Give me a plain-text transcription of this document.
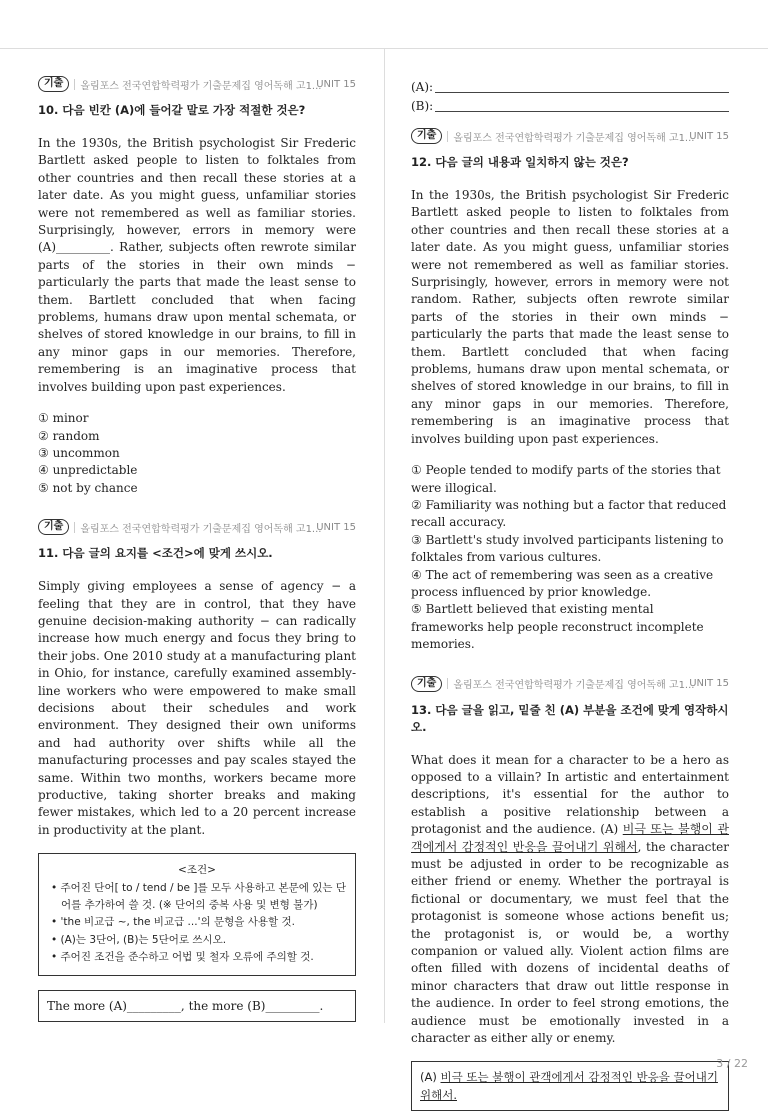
기출	올림포스 전국연합학력평가 기출문제집 영어독해 고1...
UNIT 15

10. 다음 빈칸 (A)에 들어갈 말로 가장 적절한 것은?

In the 1930s, the British psychologist Sir Frederic Bartlett asked people to listen to folktales from other countries and then recall these stories at a later date. As you might guess, unfamiliar stories were not remembered as well as familiar stories. Surprisingly, however, errors in memory were (A)_________. Rather, subjects often rewrote similar parts of the stories in their own minds − particularly the parts that made the least sense to them. Bartlett concluded that when facing problems, humans draw upon mental schemata, or shelves of stored knowledge in our brains, to fill in any minor gaps in our memories. Therefore, remembering is an imaginative process that involves building upon past experiences.

① minor
② random
③ uncommon
④ unpredictable
⑤ not by chance
기출	올림포스 전국연합학력평가 기출문제집 영어독해 고1...
UNIT 15

11. 다음 글의 요지를 <조건>에 맞게 쓰시오.

Simply giving employees a sense of agency − a feeling that they are in control, that they have genuine decision-making authority − can radically increase how much energy and focus they bring to their jobs. One 2010 study at a manufacturing plant in Ohio, for instance, carefully examined assembly-line workers who were empowered to make small decisions about their schedules and work environment. They designed their own uniforms and had authority over shifts while all the manufacturing processes and pay scales stayed the same. Within two months, workers became more productive, taking shorter breaks and making fewer mistakes, which led to a 20 percent increase in productivity at the plant.

<조건>
• 주어진 단어[ to / tend / be ]를 모두 사용하고 본문에 있는 단어를 추가하여 쓸 것. (※ 단어의 중복 사용 및 변형 불가)
• 'the 비교급 ~, the 비교급 ...'의 문형을 사용할 것.
• (A)는 3단어, (B)는 5단어로 쓰시오.
• 주어진 조건을 준수하고 어법 및 철자 오류에 주의할 것.
The more (A)_________, the more (B)_________.
(A):
(B):
기출	올림포스 전국연합학력평가 기출문제집 영어독해 고1...
UNIT 15

12. 다음 글의 내용과 일치하지 않는 것은?

In the 1930s, the British psychologist Sir Frederic Bartlett asked people to listen to folktales from other countries and then recall these stories at a later date. As you might guess, unfamiliar stories were not remembered as well as familiar stories. Surprisingly, however, errors in memory were not random. Rather, subjects often rewrote similar parts of the stories in their own minds − particularly the parts that made the least sense to them. Bartlett concluded that when facing problems, humans draw upon mental schemata, or shelves of stored knowledge in our brains, to fill in any minor gaps in our memories. Therefore, remembering is an imaginative process that involves building upon past experiences.

① People tended to modify parts of the stories that were illogical.
② Familiarity was nothing but a factor that reduced recall accuracy.
③ Bartlett's study involved participants listening to folktales from various cultures.
④ The act of remembering was seen as a creative process influenced by prior knowledge.
⑤ Bartlett believed that existing mental frameworks help people reconstruct incomplete memories.
기출	올림포스 전국연합학력평가 기출문제집 영어독해 고1...
UNIT 15

13. 다음 글을 읽고, 밑줄 친 (A) 부분을 조건에 맞게 영작하시오.

What does it mean for a character to be a hero as opposed to a villain? In artistic and entertainment descriptions, it's essential for the author to establish a positive relationship between a protagonist and the audience. (A) 비극 또는 불행이 관객에게서 감정적인 반응을 끌어내기 위해서, the character must be adjusted in order to be recognizable as either friend or enemy. Whether the portrayal is fictional or documentary, we must feel that the protagonist is someone whose actions benefit us; the protagonist is, or would be, a worthy companion or valued ally. Violent action films are often filled with dozens of incidental deaths of minor characters that draw out little response in the audience. In order to feel strong emotions, the audience must be emotionally invested in a character as either ally or enemy.

(A) 비극 또는 불행이 관객에게서 감정적인 반응을 끌어내기 위해서.
3 / 22
